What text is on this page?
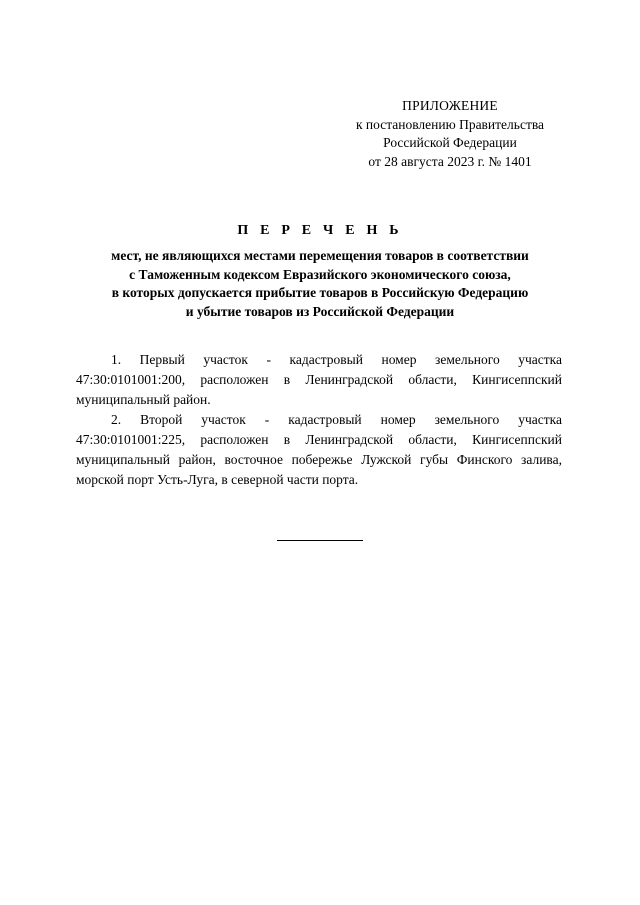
ПРИЛОЖЕНИЕ
к постановлению Правительства
Российской Федерации
от 28 августа 2023 г. № 1401
П Е Р Е Ч Е Н Ь
мест, не являющихся местами перемещения товаров в соответствии
с Таможенным кодексом Евразийского экономического союза,
в которых допускается прибытие товаров в Российскую Федерацию
и убытие товаров из Российской Федерации

1. Первый участок - кадастровый номер земельного участка 47:30:0101001:200, расположен в Ленинградской области, Кингисеппский муниципальный район.

2. Второй участок - кадастровый номер земельного участка 47:30:0101001:225, расположен в Ленинградской области, Кингисеппский муниципальный район, восточное побережье Лужской губы Финского залива, морской порт Усть-Луга, в северной части порта.
